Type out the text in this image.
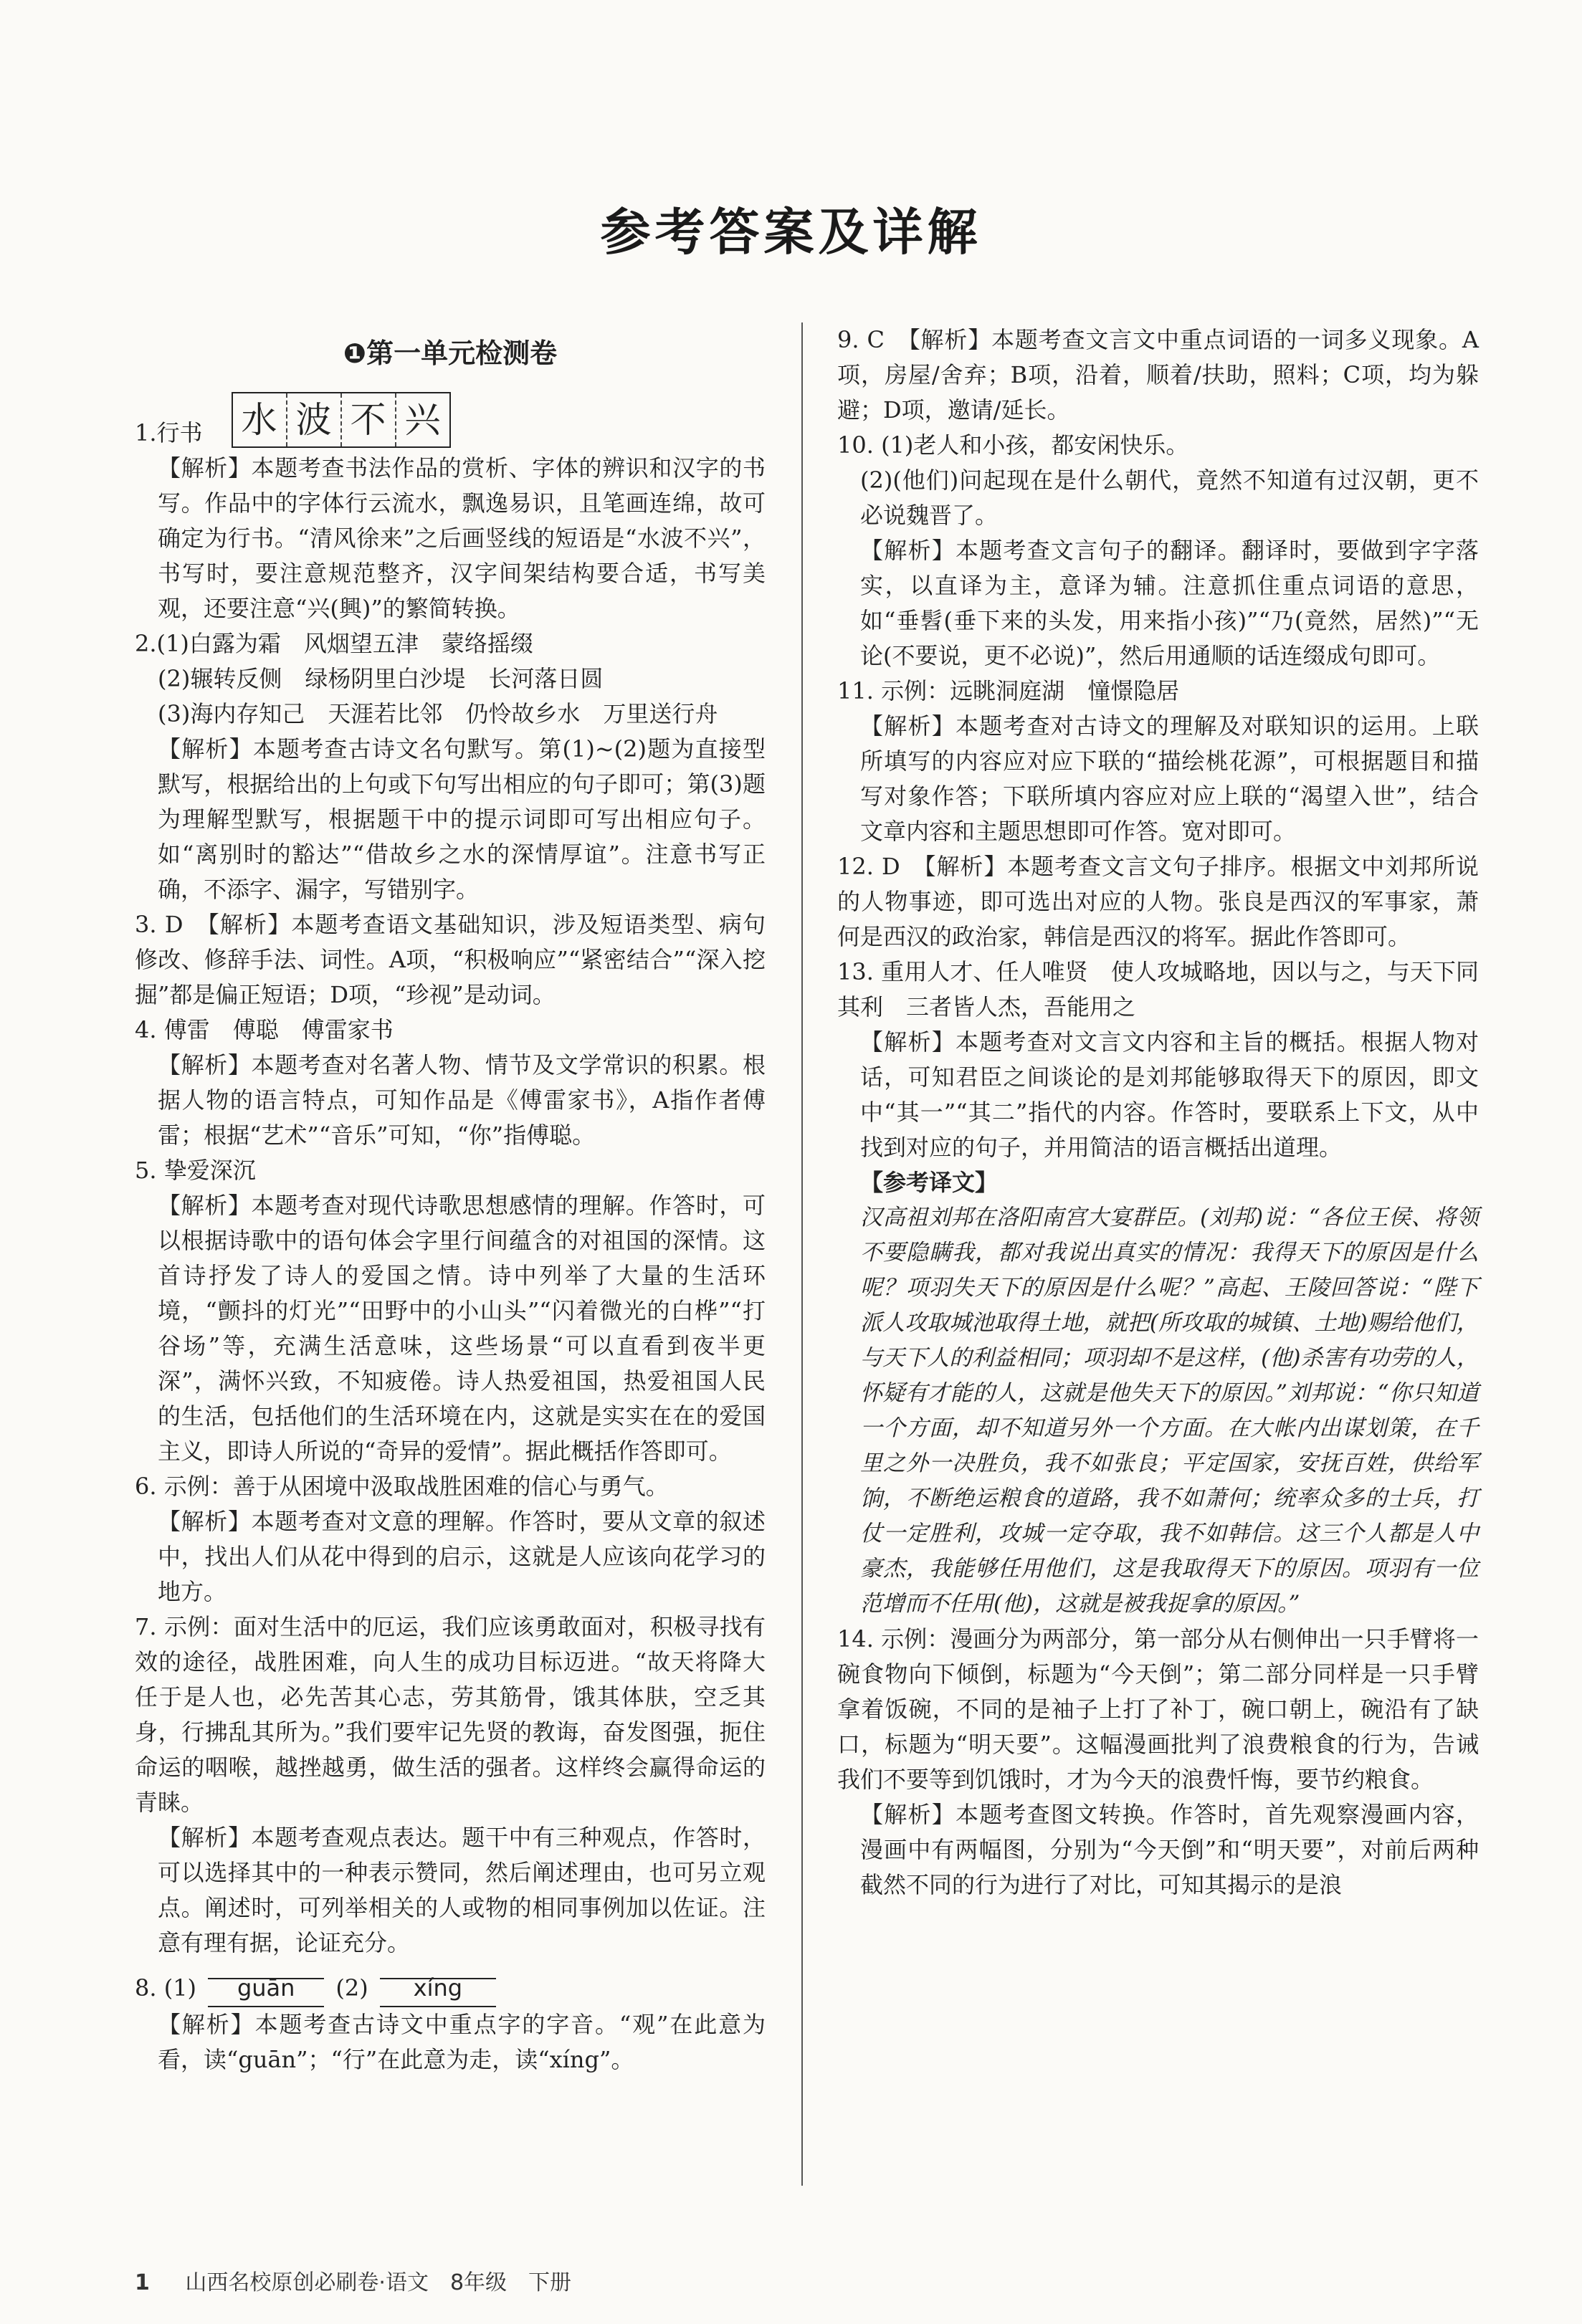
参考答案及详解
❶第一单元检测卷
1.行书 水 波 不 兴

【解析】本题考查书法作品的赏析、字体的辨识和汉字的书写。作品中的字体行云流水，飘逸易识，且笔画连绵，故可确定为行书。“清风徐来”之后画竖线的短语是“水波不兴”，书写时，要注意规范整齐，汉字间架结构要合适，书写美观，还要注意“兴(興)”的繁简转换。

2.(1)白露为霜　风烟望五津　蒙络摇缀

(2)辗转反侧　绿杨阴里白沙堤　长河落日圆

(3)海内存知己　天涯若比邻　仍怜故乡水　万里送行舟

【解析】本题考查古诗文名句默写。第(1)~(2)题为直接型默写，根据给出的上句或下句写出相应的句子即可；第(3)题为理解型默写，根据题干中的提示词即可写出相应句子。如“离别时的豁达”“借故乡之水的深情厚谊”。注意书写正确，不添字、漏字，写错别字。

3. D　【解析】本题考查语文基础知识，涉及短语类型、病句修改、修辞手法、词性。A项，“积极响应”“紧密结合”“深入挖掘”都是偏正短语；D项，“珍视”是动词。

4. 傅雷　傅聪　傅雷家书

【解析】本题考查对名著人物、情节及文学常识的积累。根据人物的语言特点，可知作品是《傅雷家书》，A指作者傅雷；根据“艺术”“音乐”可知，“你”指傅聪。

5. 挚爱深沉

【解析】本题考查对现代诗歌思想感情的理解。作答时，可以根据诗歌中的语句体会字里行间蕴含的对祖国的深情。这首诗抒发了诗人的爱国之情。诗中列举了大量的生活环境，“颤抖的灯光”“田野中的小山头”“闪着微光的白桦”“打谷场”等，充满生活意味，这些场景“可以直看到夜半更深”，满怀兴致，不知疲倦。诗人热爱祖国，热爱祖国人民的生活，包括他们的生活环境在内，这就是实实在在的爱国主义，即诗人所说的“奇异的爱情”。据此概括作答即可。

6. 示例：善于从困境中汲取战胜困难的信心与勇气。

【解析】本题考查对文意的理解。作答时，要从文章的叙述中，找出人们从花中得到的启示，这就是人应该向花学习的地方。

7. 示例：面对生活中的厄运，我们应该勇敢面对，积极寻找有效的途径，战胜困难，向人生的成功目标迈进。“故天将降大任于是人也，必先苦其心志，劳其筋骨，饿其体肤，空乏其身，行拂乱其所为。”我们要牢记先贤的教诲，奋发图强，扼住命运的咽喉，越挫越勇，做生活的强者。这样终会赢得命运的青睐。

【解析】本题考查观点表达。题干中有三种观点，作答时，可以选择其中的一种表示赞同，然后阐述理由，也可另立观点。阐述时，可列举相关的人或物的相同事例加以佐证。注意有理有据，论证充分。

8. (1) guān (2) xíng

【解析】本题考查古诗文中重点字的字音。“观”在此意为看，读“guān”；“行”在此意为走，读“xíng”。

9. C　【解析】本题考查文言文中重点词语的一词多义现象。A项，房屋/舍弃；B项，沿着，顺着/扶助，照料；C项，均为躲避；D项，邀请/延长。

10. (1)老人和小孩，都安闲快乐。

(2)(他们)问起现在是什么朝代，竟然不知道有过汉朝，更不必说魏晋了。

【解析】本题考查文言句子的翻译。翻译时，要做到字字落实，以直译为主，意译为辅。注意抓住重点词语的意思，如“垂髫(垂下来的头发，用来指小孩)”“乃(竟然，居然)”“无论(不要说，更不必说)”，然后用通顺的话连缀成句即可。

11. 示例：远眺洞庭湖　憧憬隐居

【解析】本题考查对古诗文的理解及对联知识的运用。上联所填写的内容应对应下联的“描绘桃花源”，可根据题目和描写对象作答；下联所填内容应对应上联的“渴望入世”，结合文章内容和主题思想即可作答。宽对即可。

12. D　【解析】本题考查文言文句子排序。根据文中刘邦所说的人物事迹，即可选出对应的人物。张良是西汉的军事家，萧何是西汉的政治家，韩信是西汉的将军。据此作答即可。

13. 重用人才、任人唯贤　使人攻城略地，因以与之，与天下同其利　三者皆人杰，吾能用之

【解析】本题考查对文言文内容和主旨的概括。根据人物对话，可知君臣之间谈论的是刘邦能够取得天下的原因，即文中“其一”“其二”指代的内容。作答时，要联系上下文，从中找到对应的句子，并用简洁的语言概括出道理。

【参考译文】

汉高祖刘邦在洛阳南宫大宴群臣。(刘邦)说：“各位王侯、将领不要隐瞒我，都对我说出真实的情况：我得天下的原因是什么呢？项羽失天下的原因是什么呢？”高起、王陵回答说：“陛下派人攻取城池取得土地，就把(所攻取的城镇、土地)赐给他们，与天下人的利益相同；项羽却不是这样，(他)杀害有功劳的人，怀疑有才能的人，这就是他失天下的原因。”刘邦说：“你只知道一个方面，却不知道另外一个方面。在大帐内出谋划策，在千里之外一决胜负，我不如张良；平定国家，安抚百姓，供给军饷，不断绝运粮食的道路，我不如萧何；统率众多的士兵，打仗一定胜利，攻城一定夺取，我不如韩信。这三个人都是人中豪杰，我能够任用他们，这是我取得天下的原因。项羽有一位范增而不任用(他)，这就是被我捉拿的原因。”

14. 示例：漫画分为两部分，第一部分从右侧伸出一只手臂将一碗食物向下倾倒，标题为“今天倒”；第二部分同样是一只手臂拿着饭碗，不同的是袖子上打了补丁，碗口朝上，碗沿有了缺口，标题为“明天要”。这幅漫画批判了浪费粮食的行为，告诫我们不要等到饥饿时，才为今天的浪费忏悔，要节约粮食。

【解析】本题考查图文转换。作答时，首先观察漫画内容，漫画中有两幅图，分别为“今天倒”和“明天要”，对前后两种截然不同的行为进行了对比，可知其揭示的是浪

1 山西名校原创必刷卷·语文　8年级　下册
